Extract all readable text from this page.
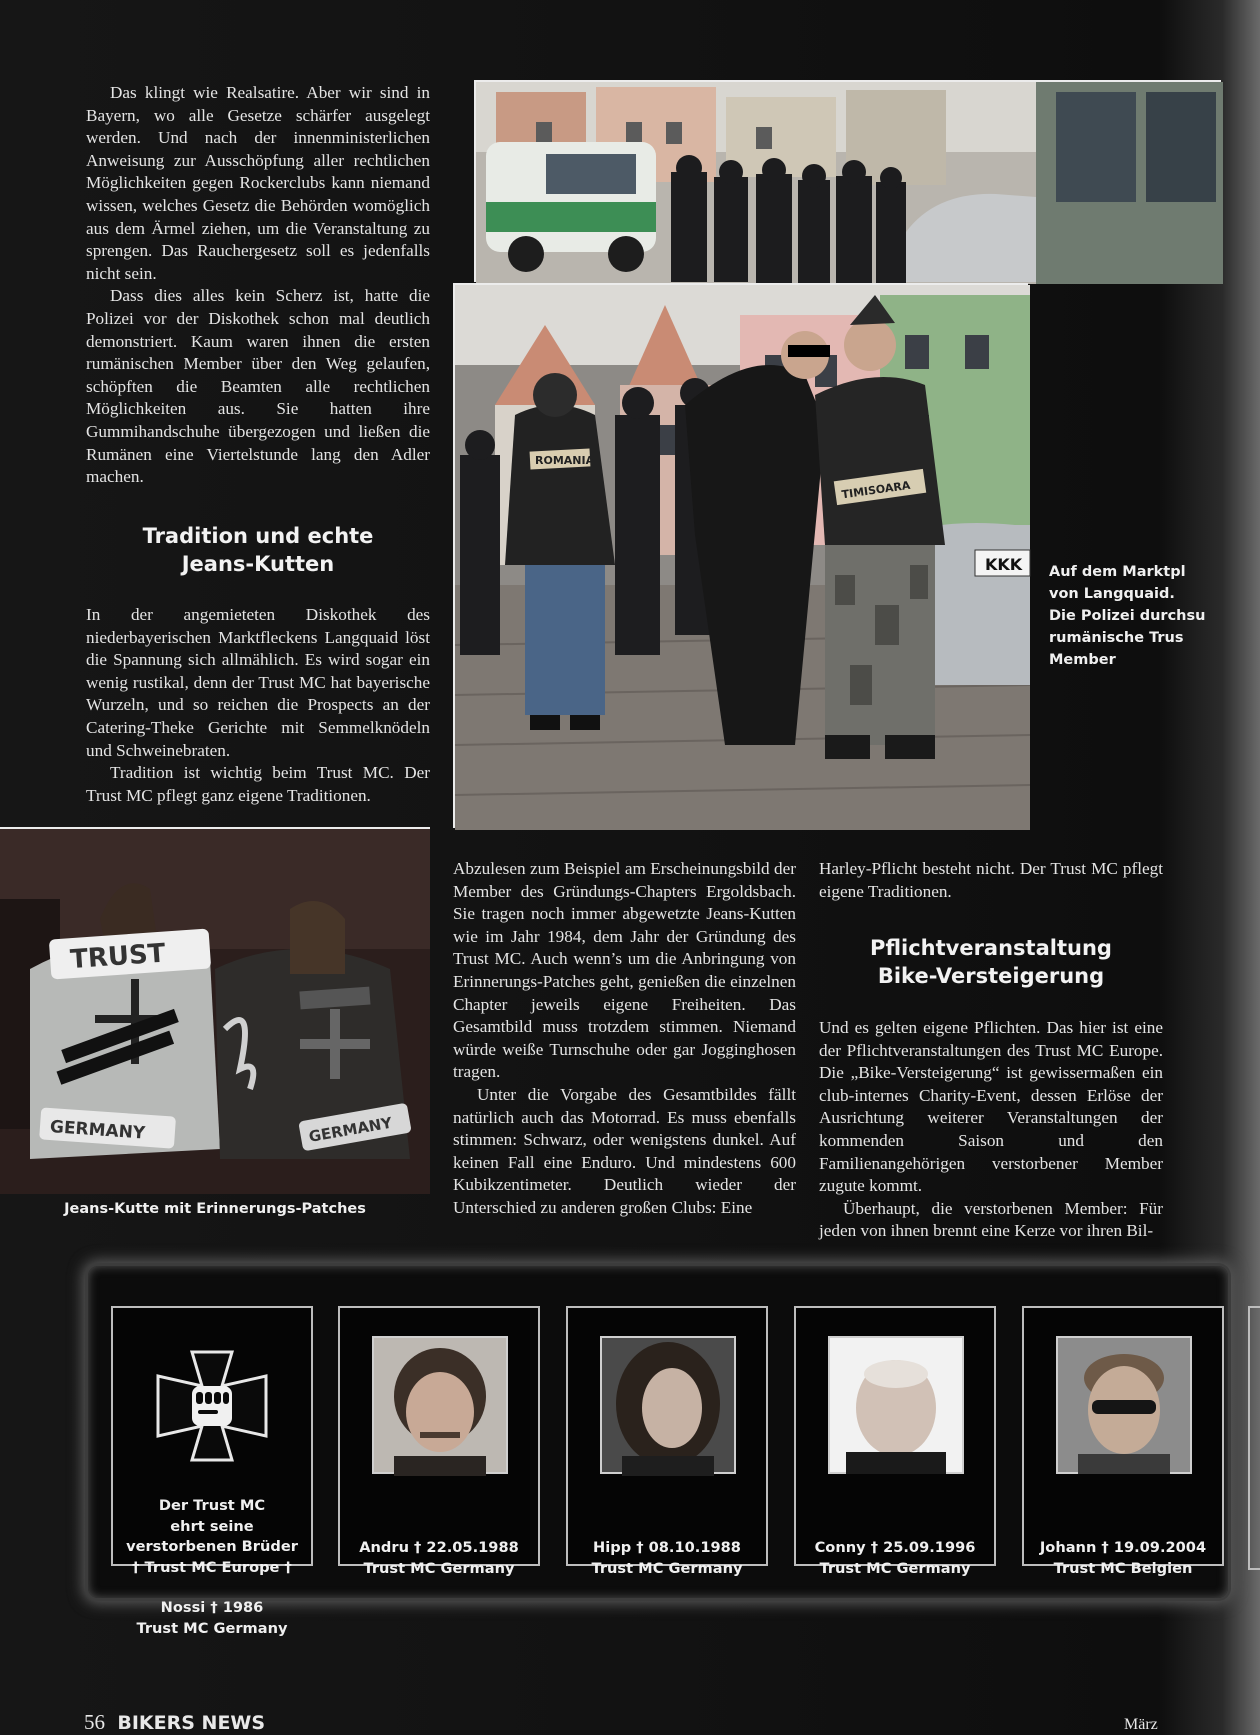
Das klingt wie Realsatire. Aber wir sind in Bayern, wo alle Gesetze schärfer ausgelegt werden. Und nach der innenministerlichen Anweisung zur Ausschöpfung aller rechtlichen Möglichkeiten gegen Rockerclubs kann niemand wissen, welches Gesetz die Behörden womöglich aus dem Ärmel ziehen, um die Veranstaltung zu sprengen. Das Rauchergesetz soll es jedenfalls nicht sein.

Dass dies alles kein Scherz ist, hatte die Polizei vor der Diskothek schon mal deutlich demonstriert. Kaum waren ihnen die ersten rumänischen Member über den Weg gelaufen, schöpften die Beamten alle rechtlichen Möglichkeiten aus. Sie hatten ihre Gummihandschuhe übergezogen und ließen die Rumänen eine Viertelstunde lang den Adler machen.

Tradition und echte
Jeans-Kutten

In der angemieteten Diskothek des niederbayerischen Marktfleckens Langquaid löst die Spannung sich allmählich. Es wird sogar ein wenig rustikal, denn der Trust MC hat bayerische Wurzeln, und so reichen die Prospects an der Catering-Theke Gerichte mit Semmelknödeln und Schweinebraten.

Tradition ist wichtig beim Trust MC. Der Trust MC pflegt ganz eigene Traditionen.

KKK
ROMANIA
TIMISOARA
Auf dem Marktpl
von Langquaid.
Die Polizei durchsu
rumänische Trus
Member
TRUST
GERMANY	GERMANY
Jeans-Kutte mit Erinnerungs-Patches

Abzulesen zum Beispiel am Erscheinungsbild der Member des Gründungs-Chapters Ergoldsbach. Sie tragen noch immer abgewetzte Jeans-Kutten wie im Jahr 1984, dem Jahr der Gründung des Trust MC. Auch wenn’s um die Anbringung von Erinnerungs-Patches geht, genießen die einzelnen Chapter jeweils eigene Freiheiten. Das Gesamtbild muss trotzdem stimmen. Niemand würde weiße Turnschuhe oder gar Jogginghosen tragen.

Unter die Vorgabe des Gesamtbildes fällt natürlich auch das Motorrad. Es muss ebenfalls stimmen: Schwarz, oder wenigstens dunkel. Auf keinen Fall eine Enduro. Und mindestens 600 Kubikzentimeter. Deutlich wieder der Unterschied zu anderen großen Clubs: Eine

Harley-Pflicht besteht nicht. Der Trust MC pflegt eigene Traditionen.

Pflichtveranstaltung
Bike-Versteigerung

Und es gelten eigene Pflichten. Das hier ist eine der Pflichtveranstaltungen des Trust MC Europe. Die „Bike-Versteigerung“ ist gewissermaßen ein club-internes Charity-Event, dessen Erlöse der Ausrichtung weiterer Veranstaltungen der kommenden Saison und den Familienangehörigen verstorbener Member zugute kommt.

Überhaupt, die verstorbenen Member: Für jeden von ihnen brennt eine Kerze vor ihren Bil-

Der Trust MC
ehrt seine
verstorbenen Brüder
† Trust MC Europe †
Nossi † 1986
Trust MC Germany
Andru † 22.05.1988
Trust MC Germany
Hipp † 08.10.1988
Trust MC Germany
Conny † 25.09.1996
Trust MC Germany
Johann † 19.09.2004
Trust MC Belgien
56 BIKERS NEWS	März
